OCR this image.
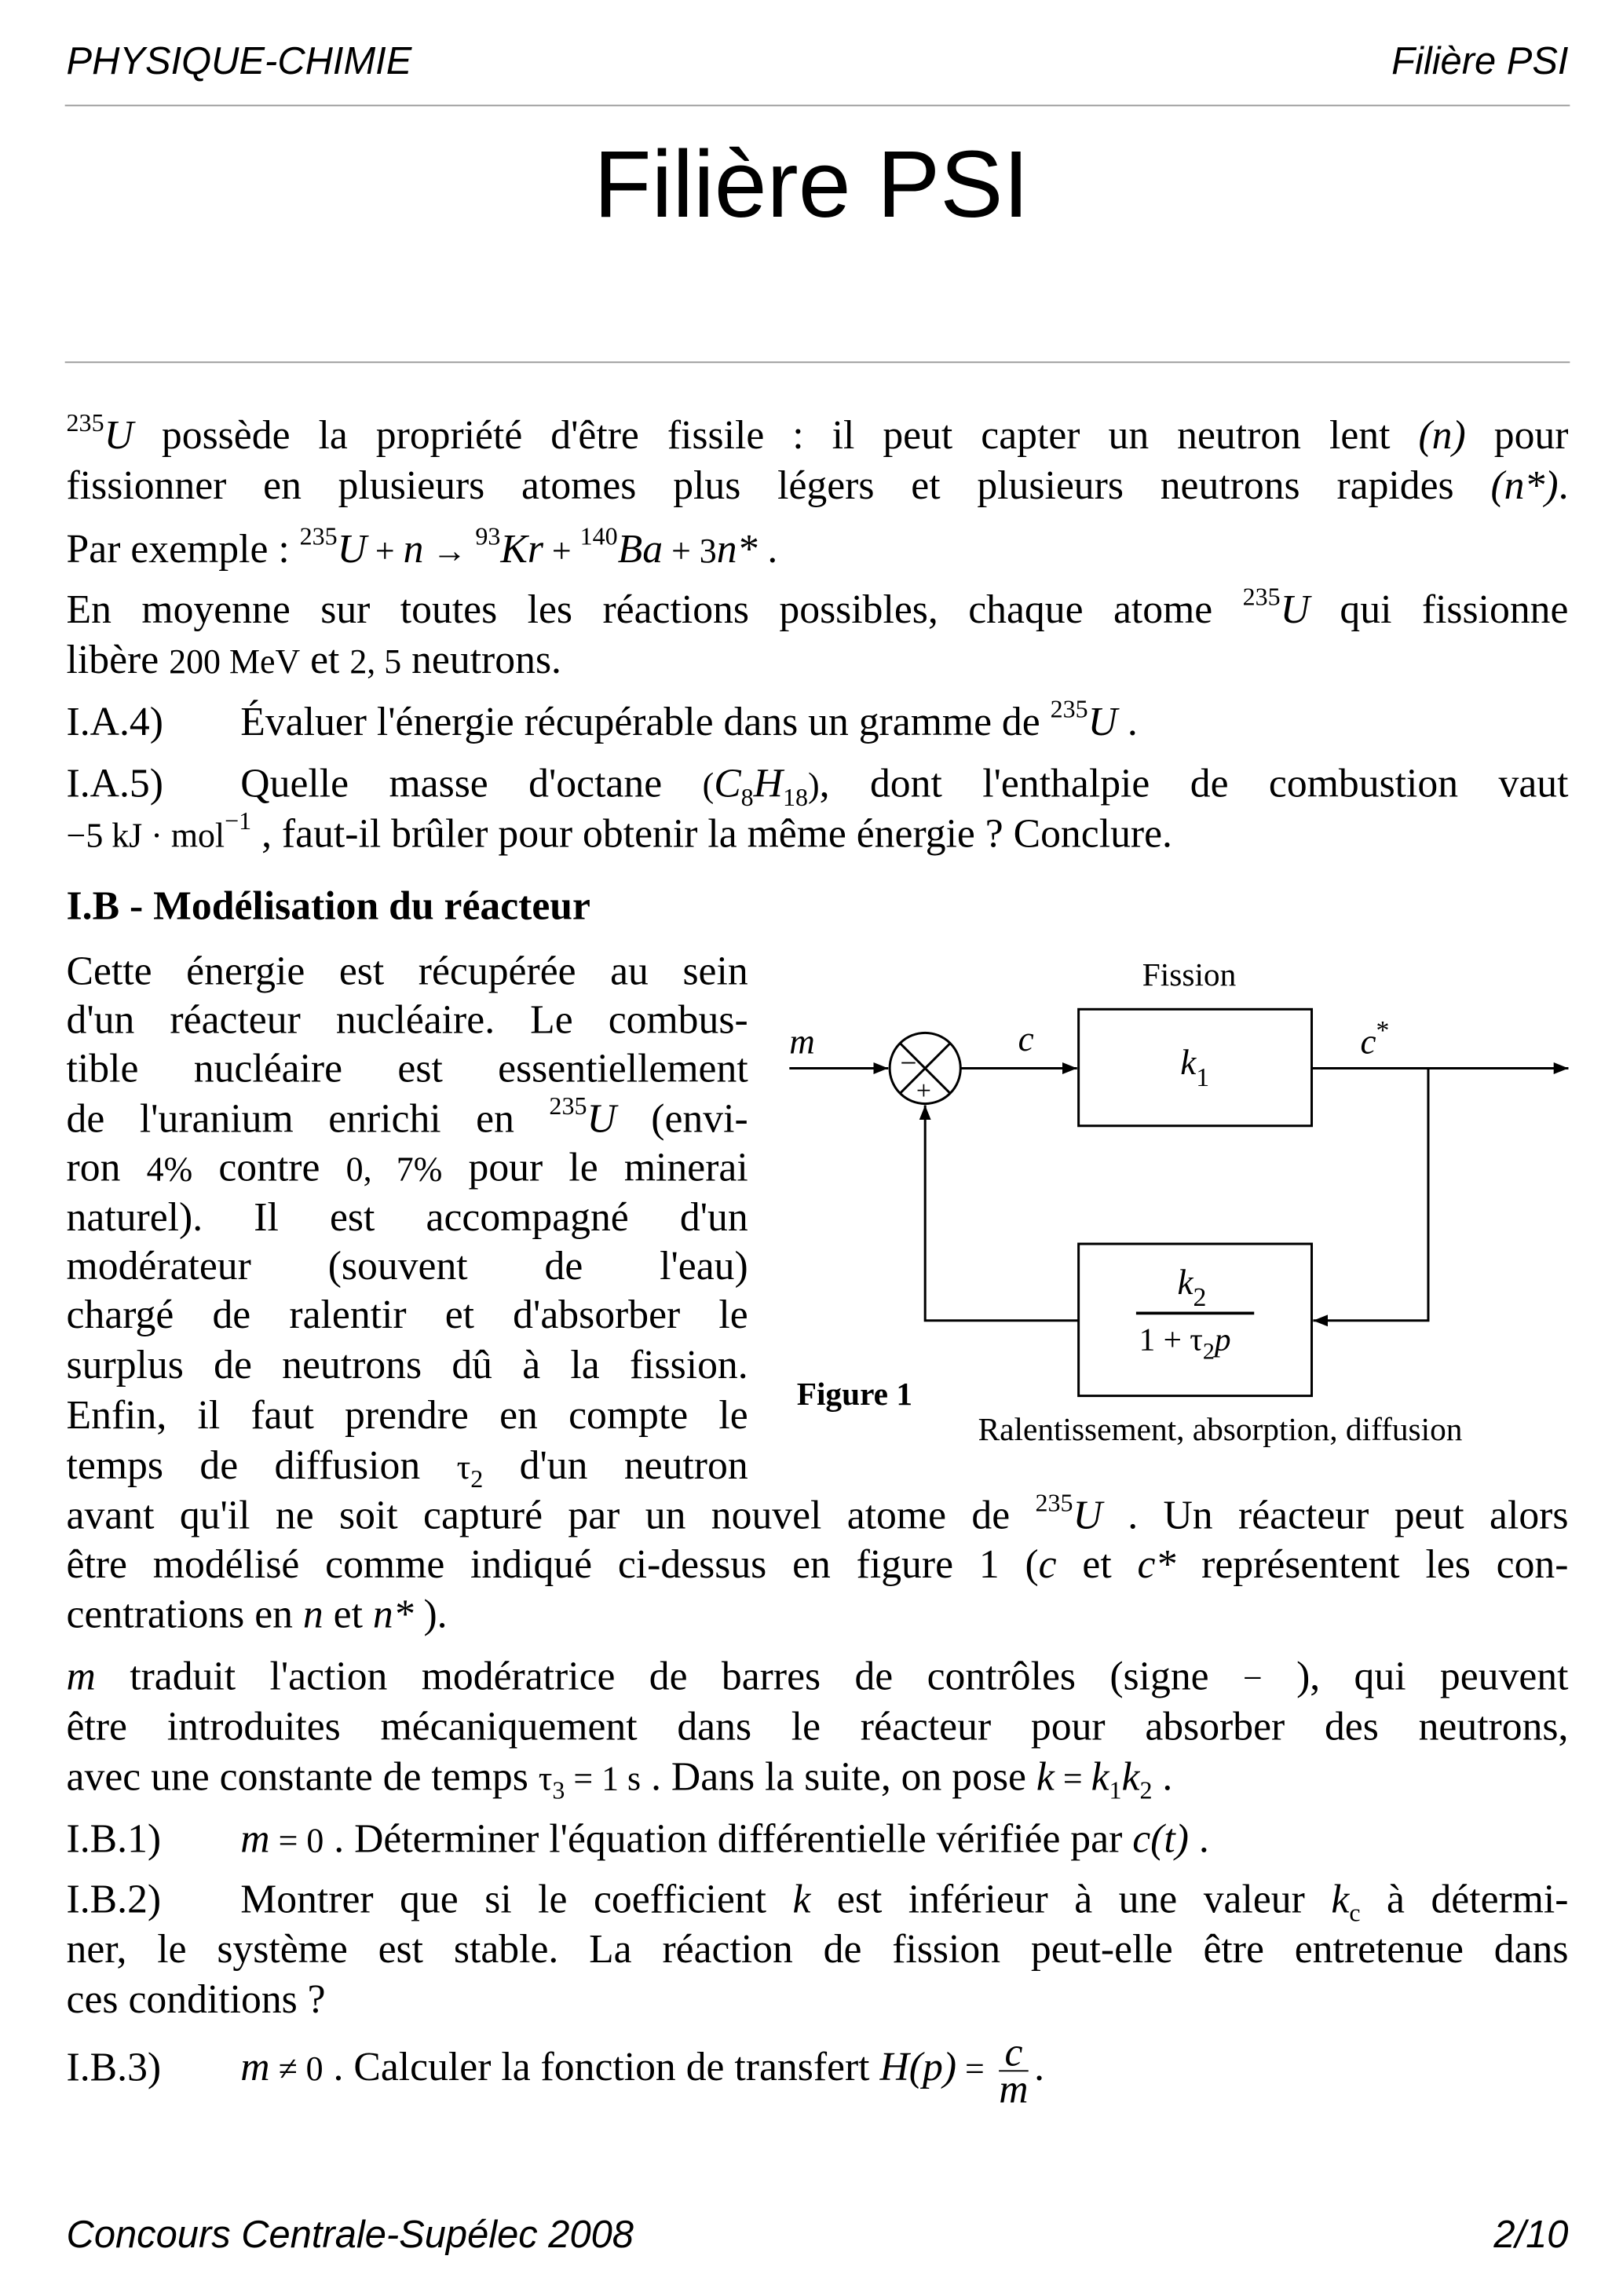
PHYSIQUE-CHIMIE	Filière PSI
Filière PSI
$^{235}$U possède la propriété d'être fissile : il peut capter un neutron lent (n) pour
fissionner en plusieurs atomes plus légers et plusieurs neutrons rapides (n*).
Par exemple : $^{235}$U + n → $^{93}$Kr + $^{140}$Ba + 3n* .
En moyenne sur toutes les réactions possibles, chaque atome $^{235}$U qui fissionne
libère 200 MeV et 2, 5 neutrons.
I.A.4)	Évaluer l'énergie récupérable dans un gramme de $^{235}$U .
I.A.5)	Quelle masse d'octane $(C_8H_{18})$, dont l'enthalpie de combustion vaut
−5 kJ · mol$^{-1}$ , faut-il brûler pour obtenir la même énergie ? Conclure.
I.B - Modélisation du réacteur
Cette énergie est récupérée au sein
d'un réacteur nucléaire. Le combus-
tible nucléaire est essentiellement
de l'uranium enrichi en $^{235}$U (envi-
ron 4% contre 0, 7% pour le minerai
naturel). Il est accompagné d'un
modérateur (souvent de l'eau)
chargé de ralentir et d'absorber le
surplus de neutrons dû à la fission.
Enfin, il faut prendre en compte le
temps de diffusion $\tau_2$ d'un neutron
avant qu'il ne soit capturé par un nouvel atome de $^{235}$U . Un réacteur peut alors
être modélisé comme indiqué ci-dessus en figure 1 (c et c* représentent les con-
centrations en n et n* ).
m traduit l'action modératrice de barres de contrôles (signe − ), qui peuvent
être introduites mécaniquement dans le réacteur pour absorber des neutrons,
avec une constante de temps $\tau_3 = 1$ s . Dans la suite, on pose $k = k_1k_2$ .
I.B.1)	m = 0 . Déterminer l'équation différentielle vérifiée par c(t) .
I.B.2)	Montrer que si le coefficient k est inférieur à une valeur $k_c$ à détermi-
ner, le système est stable. La réaction de fission peut-elle être entretenue dans
ces conditions ?
I.B.3)	m ≠ 0 . Calculer la fonction de transfert $H(p) = \frac{c}{m}$ .
Fission
m
−
+
c
$k_1$
c*
$k_2$
$1 + \tau_2p$
Figure 1
Ralentissement, absorption, diffusion
Concours Centrale-Supélec 2008	2/10
